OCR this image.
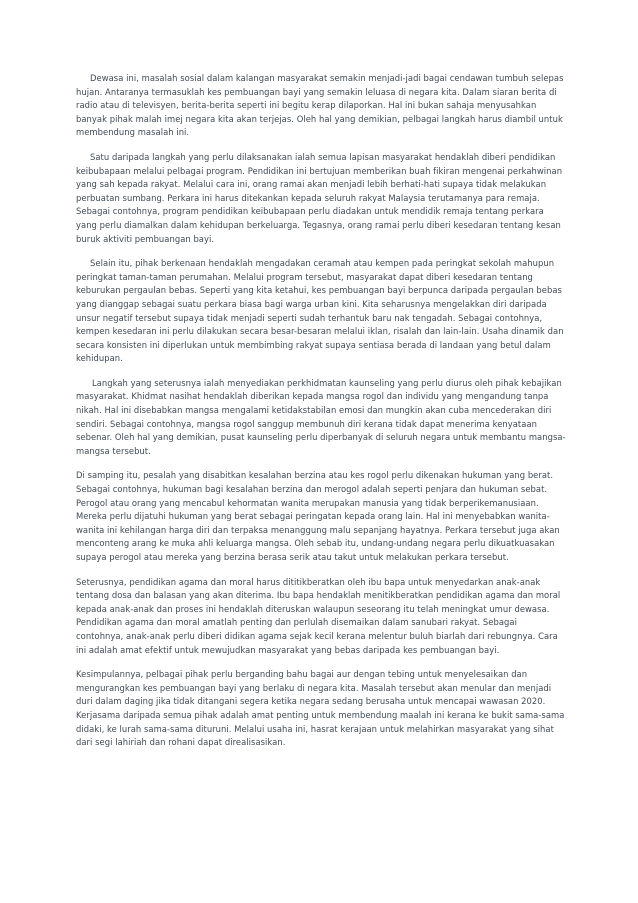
Dewasa ini, masalah sosial dalam kalangan masyarakat semakin menjadi-jadi bagai cendawan tumbuh selepas hujan. Antaranya termasuklah kes pembuangan bayi yang semakin leluasa di negara kita. Dalam siaran berita di radio atau di televisyen, berita-berita seperti ini begitu kerap dilaporkan. Hal ini bukan sahaja menyusahkan banyak pihak malah imej negara kita akan terjejas. Oleh hal yang demikian, pelbagai langkah harus diambil untuk membendung masalah ini.

Satu daripada langkah yang perlu dilaksanakan ialah semua lapisan masyarakat hendaklah diberi pendidikan keibubapaan melalui pelbagai program. Pendidikan ini bertujuan memberikan buah fikiran mengenai perkahwinan yang sah kepada rakyat. Melalui cara ini, orang ramai akan menjadi lebih berhati-hati supaya tidak melakukan perbuatan sumbang. Perkara ini harus ditekankan kepada seluruh rakyat Malaysia terutamanya para remaja. Sebagai contohnya, program pendidikan keibubapaan perlu diadakan untuk mendidik remaja tentang perkara yang perlu diamalkan dalam kehidupan berkeluarga. Tegasnya, orang ramai perlu diberi kesedaran tentang kesan buruk aktiviti pembuangan bayi.

Selain itu, pihak berkenaan hendaklah mengadakan ceramah atau kempen pada peringkat sekolah mahupun peringkat taman-taman perumahan. Melalui program tersebut, masyarakat dapat diberi kesedaran tentang keburukan pergaulan bebas. Seperti yang kita ketahui, kes pembuangan bayi berpunca daripada pergaulan bebas yang dianggap sebagai suatu perkara biasa bagi warga urban kini. Kita seharusnya mengelakkan diri daripada unsur negatif tersebut supaya tidak menjadi seperti sudah terhantuk baru nak tengadah. Sebagai contohnya, kempen kesedaran ini perlu dilakukan secara besar-besaran melalui iklan, risalah dan lain-lain. Usaha dinamik dan secara konsisten ini diperlukan untuk membimbing rakyat supaya sentiasa berada di landaan yang betul dalam kehidupan.

Langkah yang seterusnya ialah menyediakan perkhidmatan kaunseling yang perlu diurus oleh pihak kebajikan masyarakat. Khidmat nasihat hendaklah diberikan kepada mangsa rogol dan individu yang mengandung tanpa nikah. Hal ini disebabkan mangsa mengalami ketidakstabilan emosi dan mungkin akan cuba mencederakan diri sendiri. Sebagai contohnya, mangsa rogol sanggup membunuh diri kerana tidak dapat menerima kenyataan sebenar. Oleh hal yang demikian, pusat kaunseling perlu diperbanyak di seluruh negara untuk membantu mangsa-mangsa tersebut.

Di samping itu, pesalah yang disabitkan kesalahan berzina atau kes rogol perlu dikenakan hukuman yang berat. Sebagai contohnya, hukuman bagi kesalahan berzina dan merogol adalah seperti penjara dan hukuman sebat. Perogol atau orang yang mencabul kehormatan wanita merupakan manusia yang tidak berperikemanusiaan. Mereka perlu dijatuhi hukuman yang berat sebagai peringatan kepada orang lain. Hal ini menyebabkan wanita-wanita ini kehilangan harga diri dan terpaksa menanggung malu sepanjang hayatnya. Perkara tersebut juga akan menconteng arang ke muka ahli keluarga mangsa. Oleh sebab itu, undang-undang negara perlu dikuatkuasakan supaya perogol atau mereka yang berzina berasa serik atau takut untuk melakukan perkara tersebut.

Seterusnya, pendidikan agama dan moral harus dititikberatkan oleh ibu bapa untuk menyedarkan anak-anak tentang dosa dan balasan yang akan diterima. Ibu bapa hendaklah menitikberatkan pendidikan agama dan moral kepada anak-anak dan proses ini hendaklah diteruskan walaupun seseorang itu telah meningkat umur dewasa. Pendidikan agama dan moral amatlah penting dan perlulah disemaikan dalam sanubari rakyat. Sebagai contohnya, anak-anak perlu diberi didikan agama sejak kecil kerana melentur buluh biarlah dari rebungnya. Cara ini adalah amat efektif untuk mewujudkan masyarakat yang bebas daripada kes pembuangan bayi.

Kesimpulannya, pelbagai pihak perlu berganding bahu bagai aur dengan tebing untuk menyelesaikan dan mengurangkan kes pembuangan bayi yang berlaku di negara kita. Masalah tersebut akan menular dan menjadi duri dalam daging jika tidak ditangani segera ketika negara sedang berusaha untuk mencapai wawasan 2020. Kerjasama daripada semua pihak adalah amat penting untuk membendung maalah ini kerana ke bukit sama-sama didaki, ke lurah sama-sama dituruni. Melalui usaha ini, hasrat kerajaan untuk melahirkan masyarakat yang sihat dari segi lahiriah dan rohani dapat direalisasikan.
